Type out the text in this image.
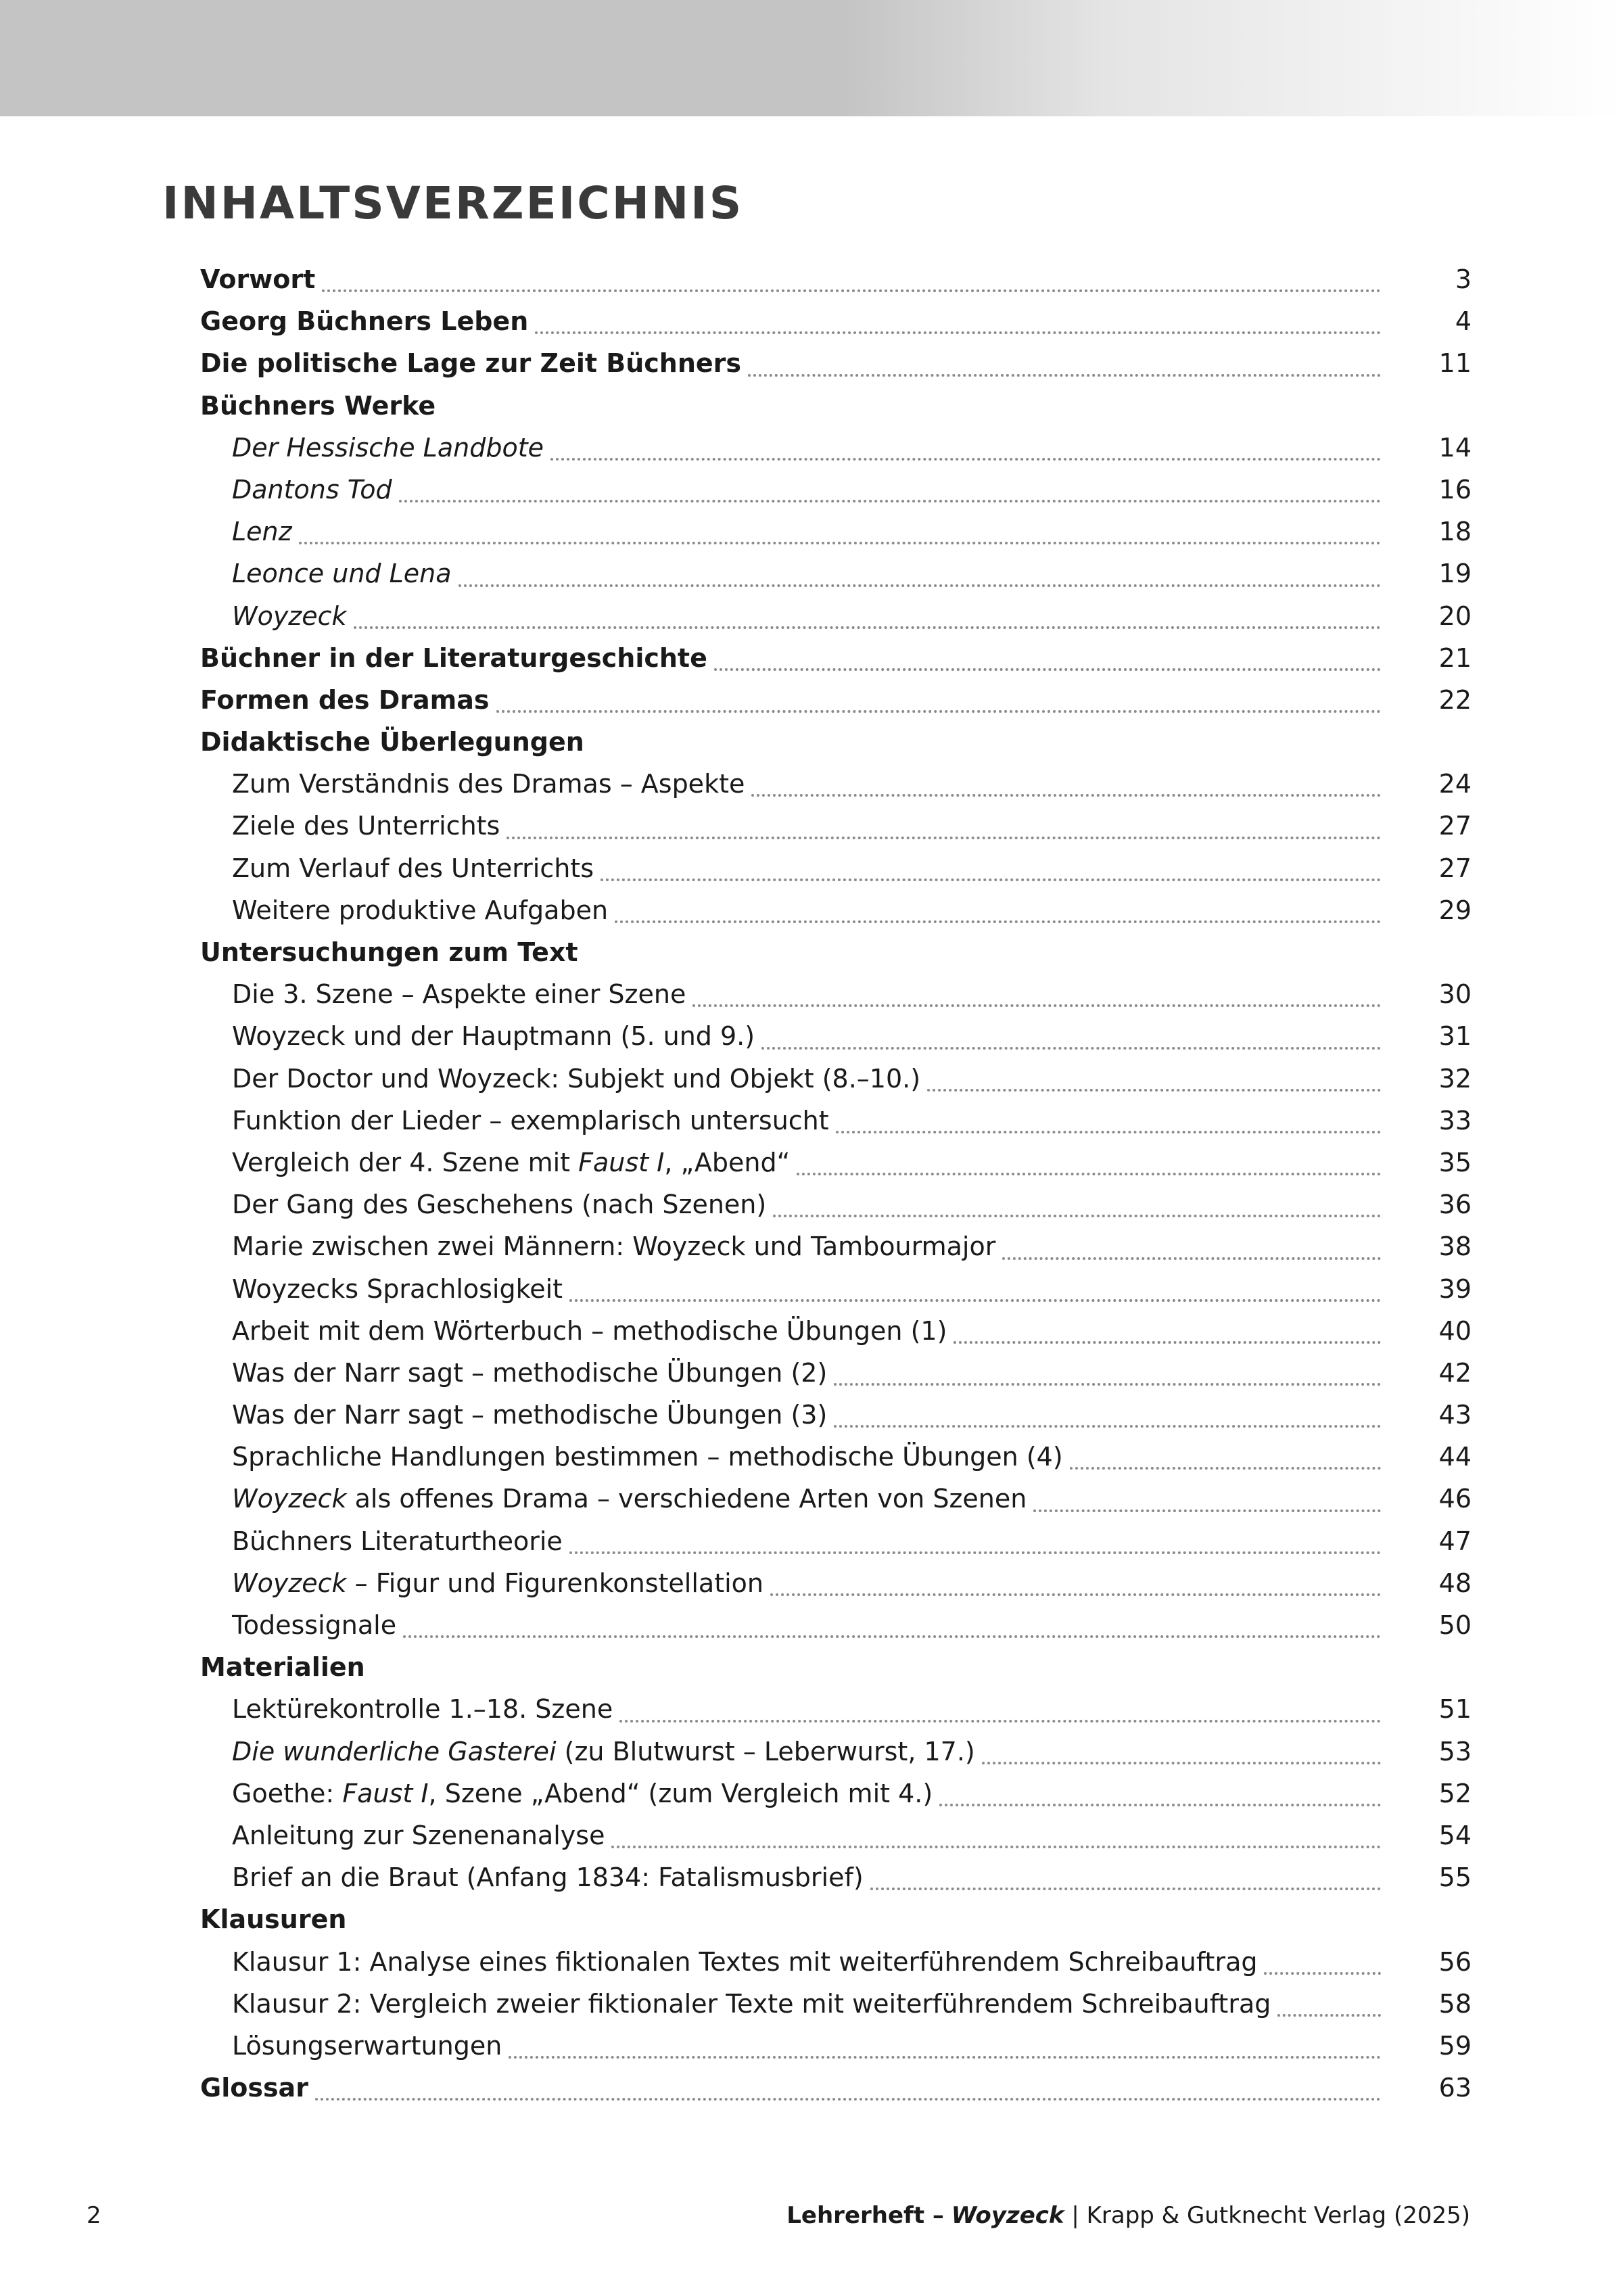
INHALTSVERZEICHNIS
Vorwort	3
Georg Büchners Leben	4
Die politische Lage zur Zeit Büchners	11
Büchners Werke
Der Hessische Landbote	14
Dantons Tod	16
Lenz	18
Leonce und Lena	19
Woyzeck	20
Büchner in der Literaturgeschichte	21
Formen des Dramas	22
Didaktische Überlegungen
Zum Verständnis des Dramas – Aspekte	24
Ziele des Unterrichts	27
Zum Verlauf des Unterrichts	27
Weitere produktive Aufgaben	29
Untersuchungen zum Text
Die 3. Szene – Aspekte einer Szene	30
Woyzeck und der Hauptmann (5. und 9.)	31
Der Doctor und Woyzeck: Subjekt und Objekt (8.–10.)	32
Funktion der Lieder – exemplarisch untersucht	33
Vergleich der 4. Szene mit Faust I, „Abend“	35
Der Gang des Geschehens (nach Szenen)	36
Marie zwischen zwei Männern: Woyzeck und Tambourmajor	38
Woyzecks Sprachlosigkeit	39
Arbeit mit dem Wörterbuch – methodische Übungen (1)	40
Was der Narr sagt – methodische Übungen (2)	42
Was der Narr sagt – methodische Übungen (3)	43
Sprachliche Handlungen bestimmen – methodische Übungen (4)	44
Woyzeck als offenes Drama – verschiedene Arten von Szenen	46
Büchners Literaturtheorie	47
Woyzeck – Figur und Figurenkonstellation	48
Todessignale	50
Materialien
Lektürekontrolle 1.–18. Szene	51
Die wunderliche Gasterei (zu Blutwurst – Leberwurst, 17.)	53
Goethe: Faust I, Szene „Abend“ (zum Vergleich mit 4.)	52
Anleitung zur Szenenanalyse	54
Brief an die Braut (Anfang 1834: Fatalismusbrief)	55
Klausuren
Klausur 1: Analyse eines fiktionalen Textes mit weiterführendem Schreibauftrag	56
Klausur 2: Vergleich zweier fiktionaler Texte mit weiterführendem Schreibauftrag	58
Lösungserwartungen	59
Glossar	63
2	Lehrerheft – Woyzeck | Krapp & Gutknecht Verlag (2025)
